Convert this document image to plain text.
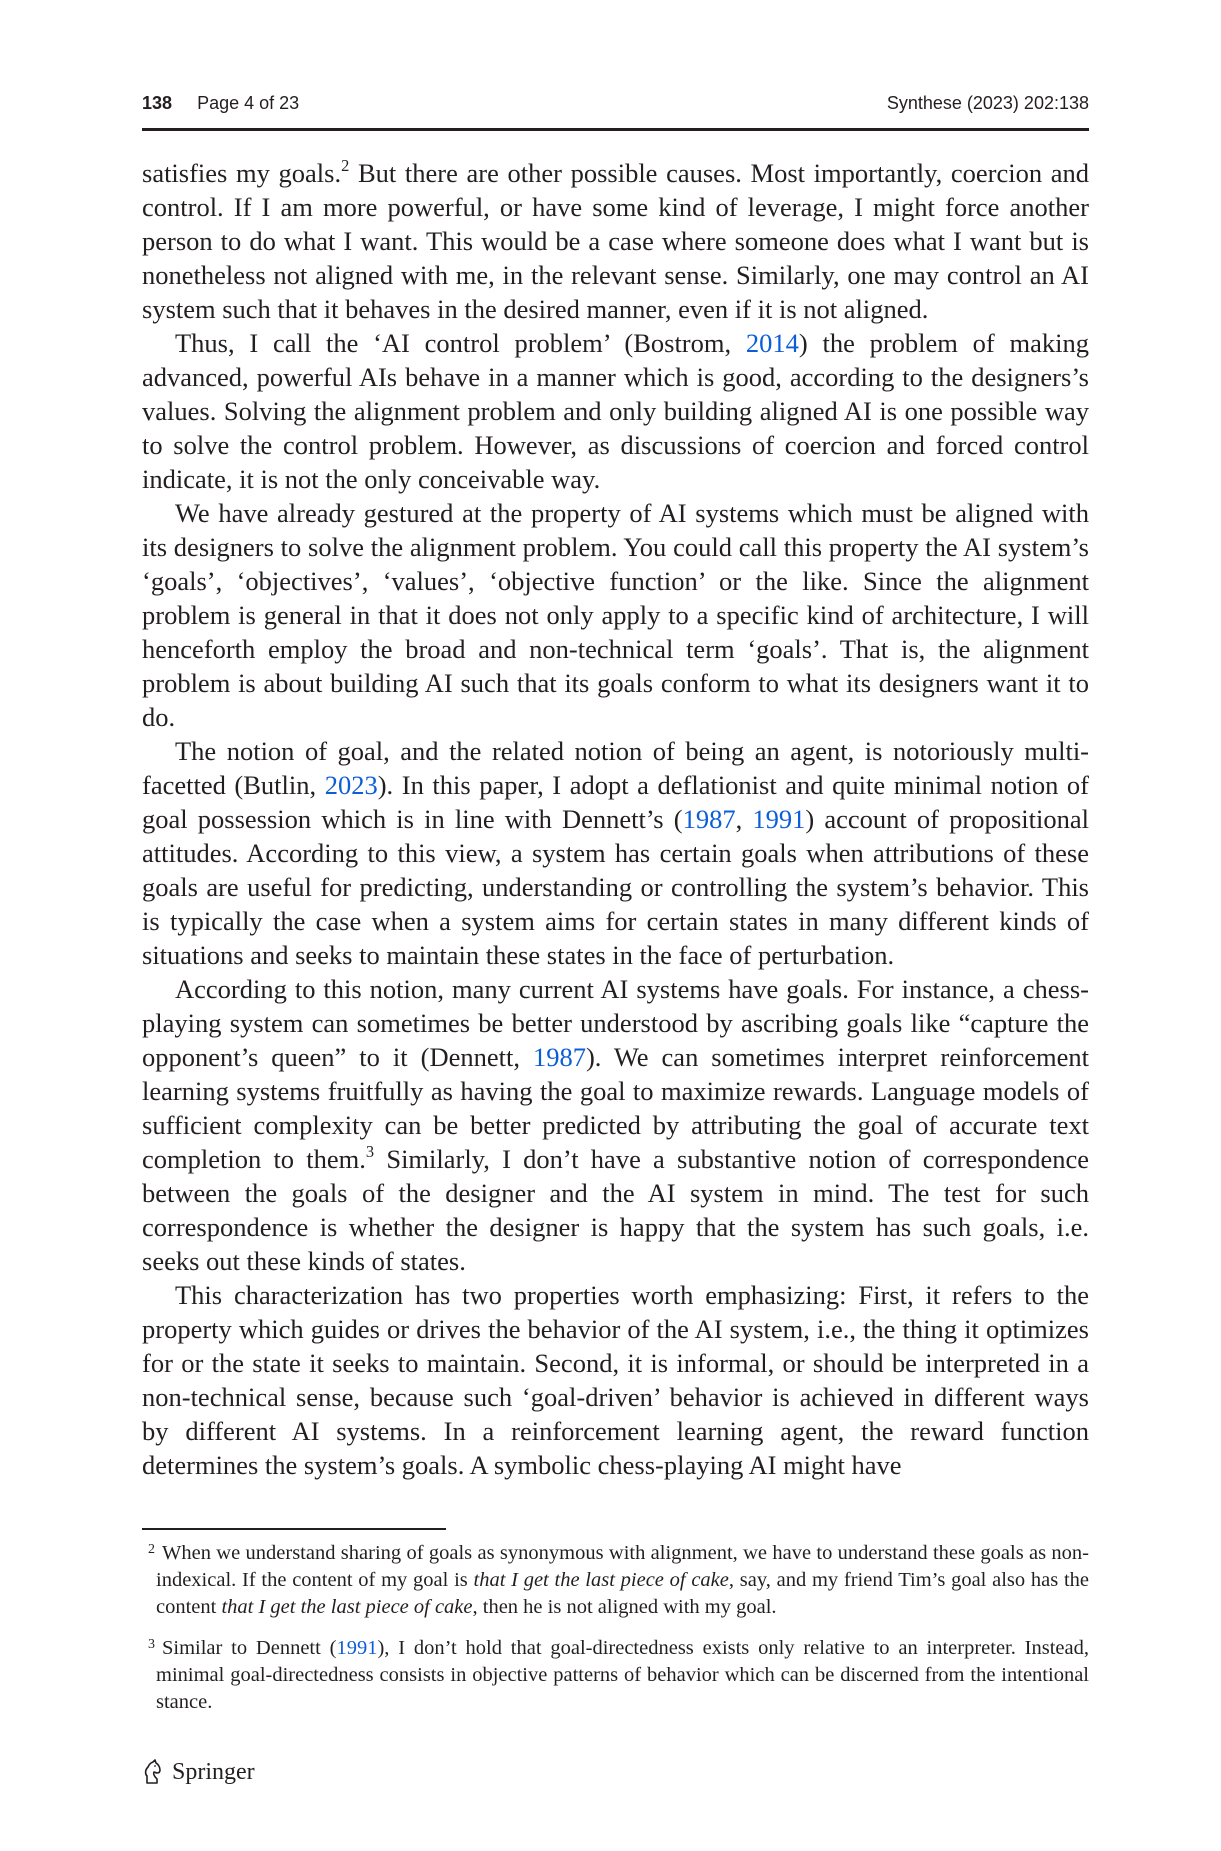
138 Page 4 of 23	Synthese (2023) 202:138

satisfies my goals.$^2$ But there are other possible causes. Most importantly, coercion and control. If I am more powerful, or have some kind of leverage, I might force another person to do what I want. This would be a case where someone does what I want but is nonetheless not aligned with me, in the relevant sense. Similarly, one may control an AI system such that it behaves in the desired manner, even if it is not aligned.

Thus, I call the ‘AI control problem’ (Bostrom, 2014) the problem of making advanced, powerful AIs behave in a manner which is good, according to the designers’s values. Solving the alignment problem and only building aligned AI is one possible way to solve the control problem. However, as discussions of coercion and forced control indicate, it is not the only conceivable way.

We have already gestured at the property of AI systems which must be aligned with its designers to solve the alignment problem. You could call this property the AI system’s ‘goals’, ‘objectives’, ‘values’, ‘objective function’ or the like. Since the alignment problem is general in that it does not only apply to a specific kind of architecture, I will henceforth employ the broad and non-technical term ‘goals’. That is, the alignment problem is about building AI such that its goals conform to what its designers want it to do.

The notion of goal, and the related notion of being an agent, is notoriously multi-facetted (Butlin, 2023). In this paper, I adopt a deflationist and quite minimal notion of goal possession which is in line with Dennett’s (1987, 1991) account of propositional attitudes. According to this view, a system has certain goals when attributions of these goals are useful for predicting, understanding or controlling the system’s behavior. This is typically the case when a system aims for certain states in many different kinds of situations and seeks to maintain these states in the face of perturbation.

According to this notion, many current AI systems have goals. For instance, a chess-playing system can sometimes be better understood by ascribing goals like “capture the opponent’s queen” to it (Dennett, 1987). We can sometimes interpret reinforcement learning systems fruitfully as having the goal to maximize rewards. Language models of sufficient complexity can be better predicted by attributing the goal of accurate text completion to them.$^3$ Similarly, I don’t have a substantive notion of correspondence between the goals of the designer and the AI system in mind. The test for such correspondence is whether the designer is happy that the system has such goals, i.e. seeks out these kinds of states.

This characterization has two properties worth emphasizing: First, it refers to the property which guides or drives the behavior of the AI system, i.e., the thing it optimizes for or the state it seeks to maintain. Second, it is informal, or should be interpreted in a non-technical sense, because such ‘goal-driven’ behavior is achieved in different ways by different AI systems. In a reinforcement learning agent, the reward function determines the system’s goals. A symbolic chess-playing AI might have

2 When we understand sharing of goals as synonymous with alignment, we have to understand these goals as non-indexical. If the content of my goal is that I get the last piece of cake, say, and my friend Tim’s goal also has the content that I get the last piece of cake, then he is not aligned with my goal.
3 Similar to Dennett (1991), I don’t hold that goal-directedness exists only relative to an interpreter. Instead, minimal goal-directedness consists in objective patterns of behavior which can be discerned from the intentional stance.
Springer
